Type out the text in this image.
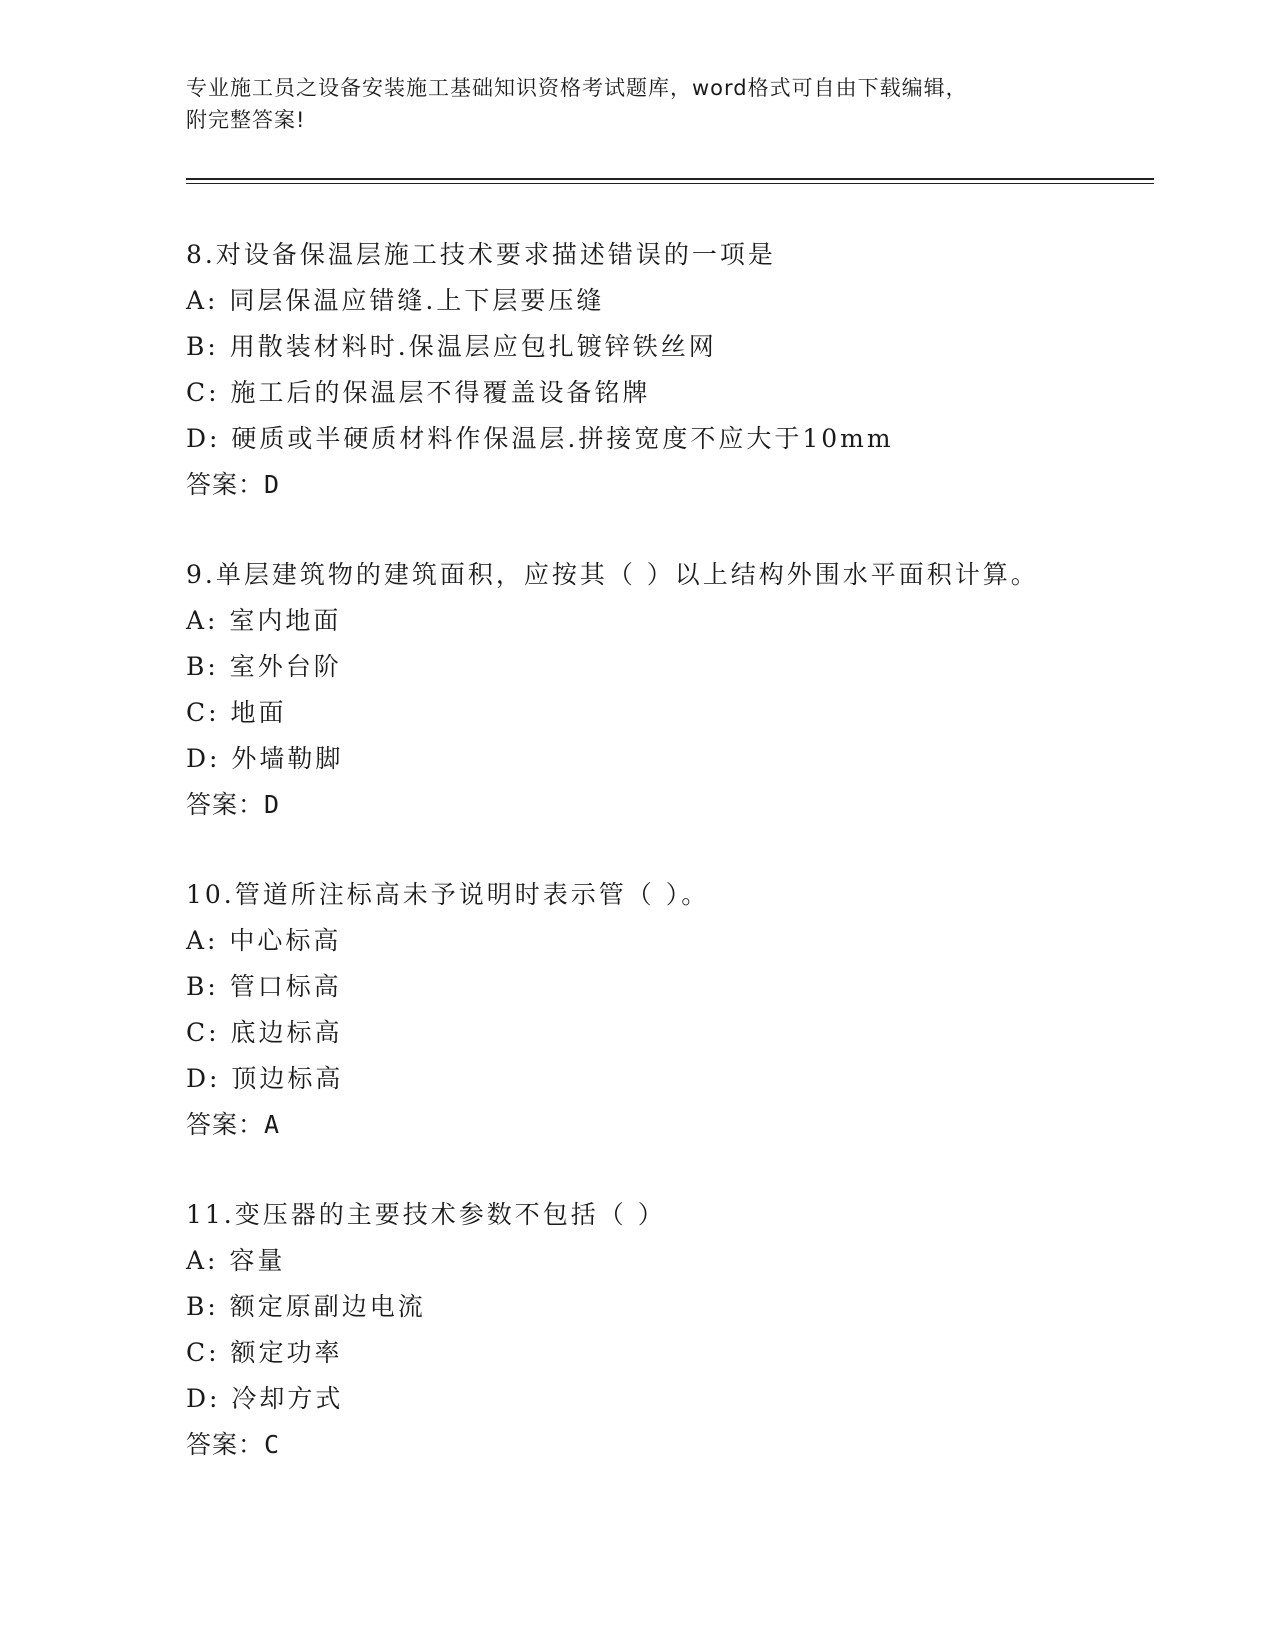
专业施工员之设备安装施工基础知识资格考试题库，word格式可自由下载编辑，
附完整答案!
8.对设备保温层施工技术要求描述错误的一项是
A: 同层保温应错缝.上下层要压缝
B: 用散装材料时.保温层应包扎镀锌铁丝网
C: 施工后的保温层不得覆盖设备铭牌
D: 硬质或半硬质材料作保温层.拼接宽度不应大于10mm
答案：D
9.单层建筑物的建筑面积，应按其（ ）以上结构外围水平面积计算。
A: 室内地面
B: 室外台阶
C: 地面
D: 外墙勒脚
答案：D
10.管道所注标高未予说明时表示管（ ）。
A: 中心标高
B: 管口标高
C: 底边标高
D: 顶边标高
答案：A
11.变压器的主要技术参数不包括（ ）
A: 容量
B: 额定原副边电流
C: 额定功率
D: 冷却方式
答案：C
